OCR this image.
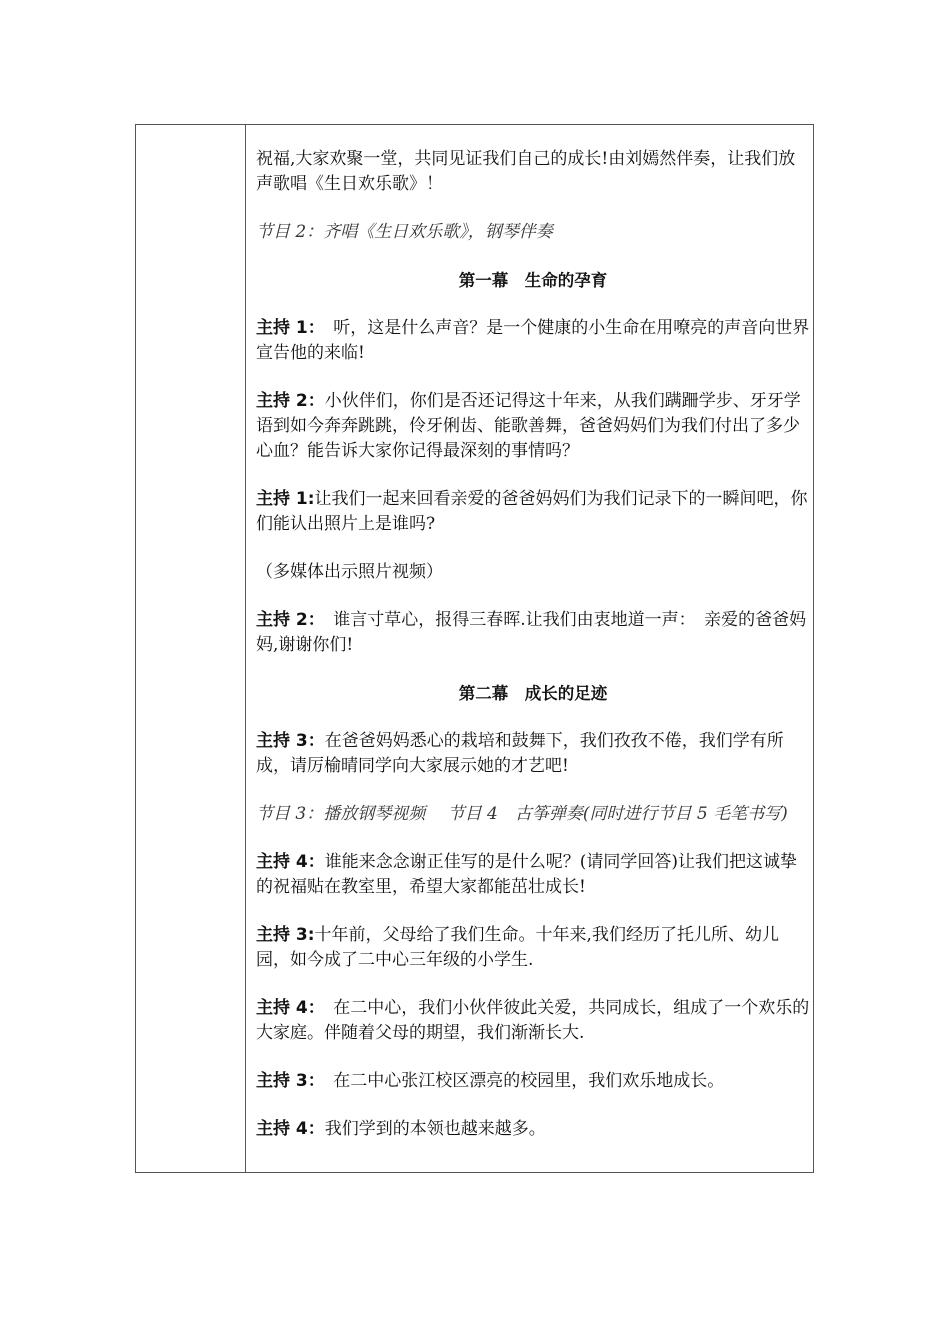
祝福,大家欢聚一堂，共同见证我们自己的成长!由刘嫣然伴奏，让我们放声歌唱《生日欢乐歌》！

节目 2：齐唱《生日欢乐歌》，钢琴伴奏

第一幕　生命的孕育

主持 1：　听，这是什么声音？是一个健康的小生命在用嘹亮的声音向世界宣告他的来临!

主持 2：小伙伴们，你们是否还记得这十年来，从我们蹒跚学步、牙牙学语到如今奔奔跳跳，伶牙俐齿、能歌善舞，爸爸妈妈们为我们付出了多少心血？能告诉大家你记得最深刻的事情吗？

主持 1:让我们一起来回看亲爱的爸爸妈妈们为我们记录下的一瞬间吧，你们能认出照片上是谁吗?

（多媒体出示照片视频）

主持 2：　谁言寸草心，报得三春晖.让我们由衷地道一声：　亲爱的爸爸妈妈,谢谢你们!

第二幕　成长的足迹

主持 3：在爸爸妈妈悉心的栽培和鼓舞下，我们孜孜不倦，我们学有所成，请厉榆晴同学向大家展示她的才艺吧!

节目 3：播放钢琴视频　 节目 4　古筝弹奏(同时进行节目 5 毛笔书写)

主持 4：谁能来念念谢正佳写的是什么呢？(请同学回答)让我们把这诚挚的祝福贴在教室里，希望大家都能茁壮成长!

主持 3:十年前，父母给了我们生命。十年来,我们经历了托儿所、幼儿园，如今成了二中心三年级的小学生.

主持 4：　在二中心，我们小伙伴彼此关爱，共同成长，组成了一个欢乐的大家庭。伴随着父母的期望，我们渐渐长大.

主持 3：　在二中心张江校区漂亮的校园里，我们欢乐地成长。

主持 4：我们学到的本领也越来越多。
